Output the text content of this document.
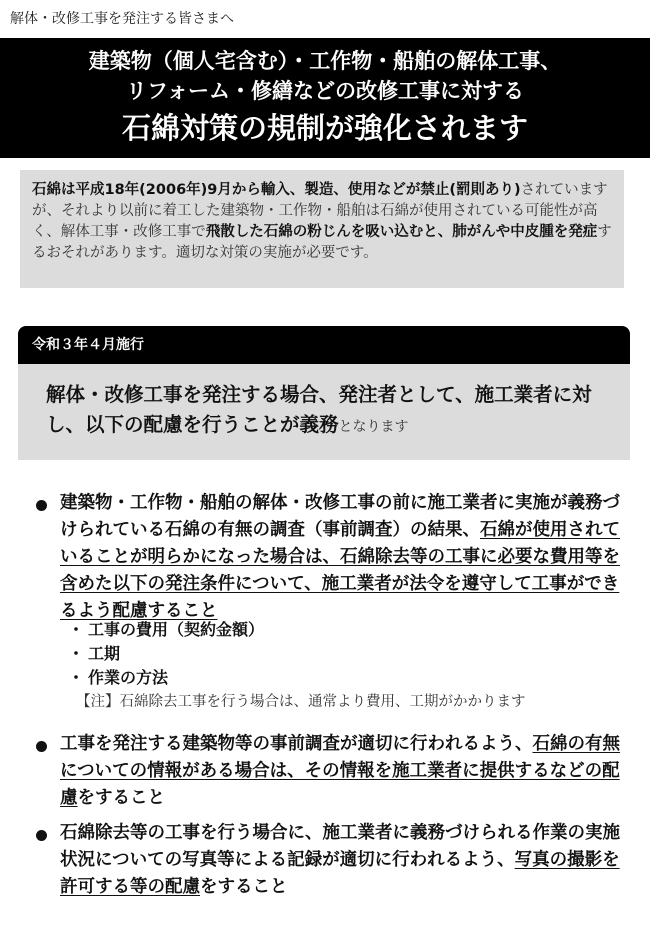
解体・改修工事を発注する皆さまへ
建築物（個人宅含む）・工作物・船舶の解体工事、
リフォーム・修繕などの改修工事に対する
石綿対策の規制が強化されます
石綿は平成18年(2006年)9月から輸入、製造、使用などが禁止(罰則あり)されていますが、それより以前に着工した建築物・工作物・船舶は石綿が使用されている可能性が高く、解体工事・改修工事で飛散した石綿の粉じんを吸い込むと、肺がんや中皮腫を発症するおそれがあります。適切な対策の実施が必要です。
令和３年４月施行
解体・改修工事を発注する場合、発注者として、施工業者に対し、以下の配慮を行うことが義務となります
建築物・工作物・船舶の解体・改修工事の前に施工業者に実施が義務づけられている石綿の有無の調査（事前調査）の結果、石綿が使用されていることが明らかになった場合は、石綿除去等の工事に必要な費用等を含めた以下の発注条件について、施工業者が法令を遵守して工事ができるよう配慮すること
・ 工事の費用（契約金額）
・ 工期
・ 作業の方法
【注】石綿除去工事を行う場合は、通常より費用、工期がかかります
工事を発注する建築物等の事前調査が適切に行われるよう、石綿の有無についての情報がある場合は、その情報を施工業者に提供するなどの配慮をすること
石綿除去等の工事を行う場合に、施工業者に義務づけられる作業の実施状況についての写真等による記録が適切に行われるよう、写真の撮影を許可する等の配慮をすること
